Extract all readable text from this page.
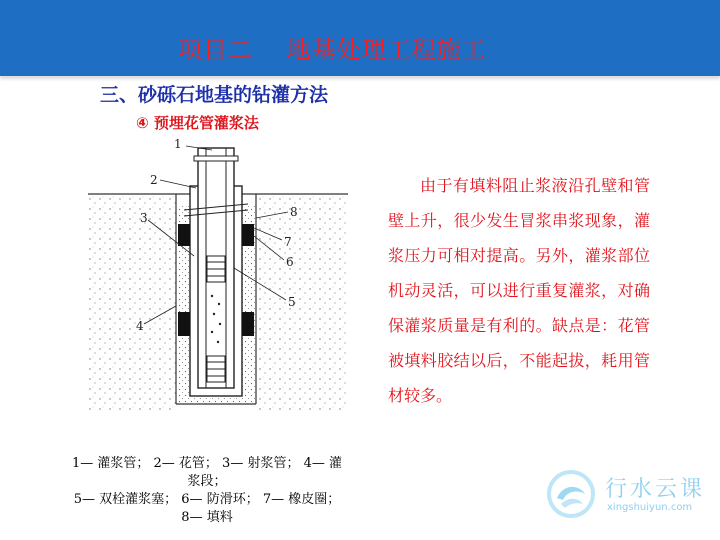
项目二　 地基处理工程施工
三、砂砾石地基的钻灌方法
④ 预埋花管灌浆法
1
2
3
4
5
6
7
8
由于有填料阻止浆液沿孔壁和管壁上升，很少发生冒浆串浆现象，灌浆压力可相对提高。另外，灌浆部位机动灵活，可以进行重复灌浆，对确保灌浆质量是有利的。缺点是：花管被填料胶结以后，不能起拔，耗用管材较多。
1— 灌浆管； 2— 花管； 3— 射浆管； 4— 灌
浆段；
5— 双栓灌浆塞； 6— 防滑环； 7— 橡皮圈；
8— 填料
行水云课
xingshuiyun.com
